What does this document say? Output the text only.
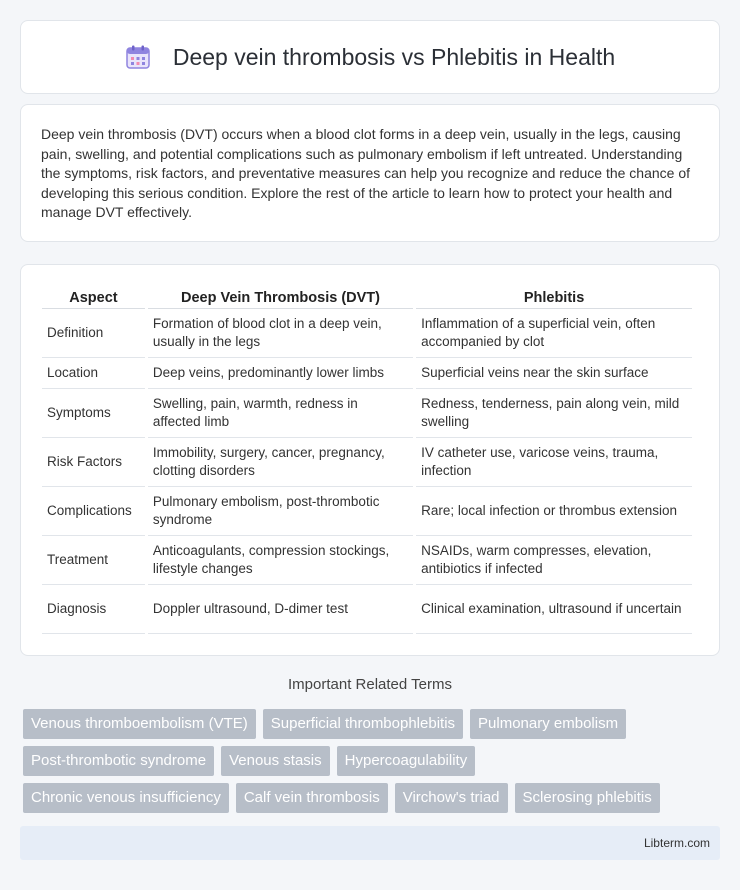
Deep vein thrombosis vs Phlebitis in Health

Deep vein thrombosis (DVT) occurs when a blood clot forms in a deep vein, usually in the legs, causing pain, swelling, and potential complications such as pulmonary embolism if left untreated. Understanding the symptoms, risk factors, and preventative measures can help you recognize and reduce the chance of developing this serious condition. Explore the rest of the article to learn how to protect your health and manage DVT effectively.

Aspect	Deep Vein Thrombosis (DVT)	Phlebitis
Definition	Formation of blood clot in a deep vein, usually in the legs	Inflammation of a superficial vein, often accompanied by clot
Location	Deep veins, predominantly lower limbs	Superficial veins near the skin surface
Symptoms	Swelling, pain, warmth, redness in affected limb	Redness, tenderness, pain along vein, mild swelling
Risk Factors	Immobility, surgery, cancer, pregnancy, clotting disorders	IV catheter use, varicose veins, trauma, infection
Complications	Pulmonary embolism, post-thrombotic syndrome	Rare; local infection or thrombus extension
Treatment	Anticoagulants, compression stockings, lifestyle changes	NSAIDs, warm compresses, elevation, antibiotics if infected
Diagnosis	Doppler ultrasound, D-dimer test	Clinical examination, ultrasound if uncertain
Important Related Terms
Venous thromboembolism (VTE)	Superficial thrombophlebitis	Pulmonary embolism
Post-thrombotic syndrome	Venous stasis	Hypercoagulability
Chronic venous insufficiency	Calf vein thrombosis	Virchow's triad	Sclerosing phlebitis
Libterm.com
